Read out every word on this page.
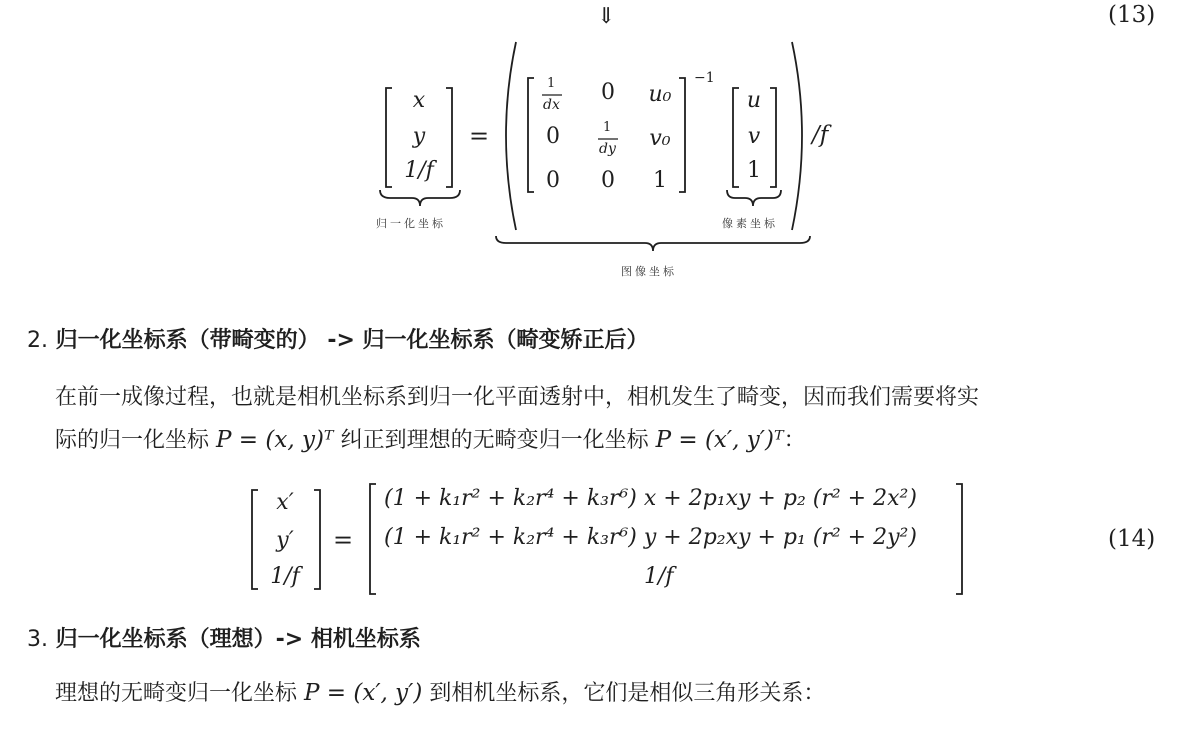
⇓	(13)
x
y
1/f
=
1
dx	0	u₀
0	1
dy	v₀
0	0	1
−1
u
v
1
/f
归一化坐标	像素坐标
图像坐标
2. 归一化坐标系（带畸变的） -> 归一化坐标系（畸变矫正后）
在前一成像过程，也就是相机坐标系到归一化平面透射中，相机发生了畸变，因而我们需要将实
际的归一化坐标 P = (x, y)ᵀ 纠正到理想的无畸变归一化坐标 P = (x′, y′)ᵀ：
x′
y′
1/f
=
(1 + k₁r² + k₂r⁴ + k₃r⁶) x + 2p₁xy + p₂ (r² + 2x²)
(1 + k₁r² + k₂r⁴ + k₃r⁶) y + 2p₂xy + p₁ (r² + 2y²)
1/f
(14)
3. 归一化坐标系（理想）-> 相机坐标系
理想的无畸变归一化坐标 P = (x′, y′) 到相机坐标系，它们是相似三角形关系：
